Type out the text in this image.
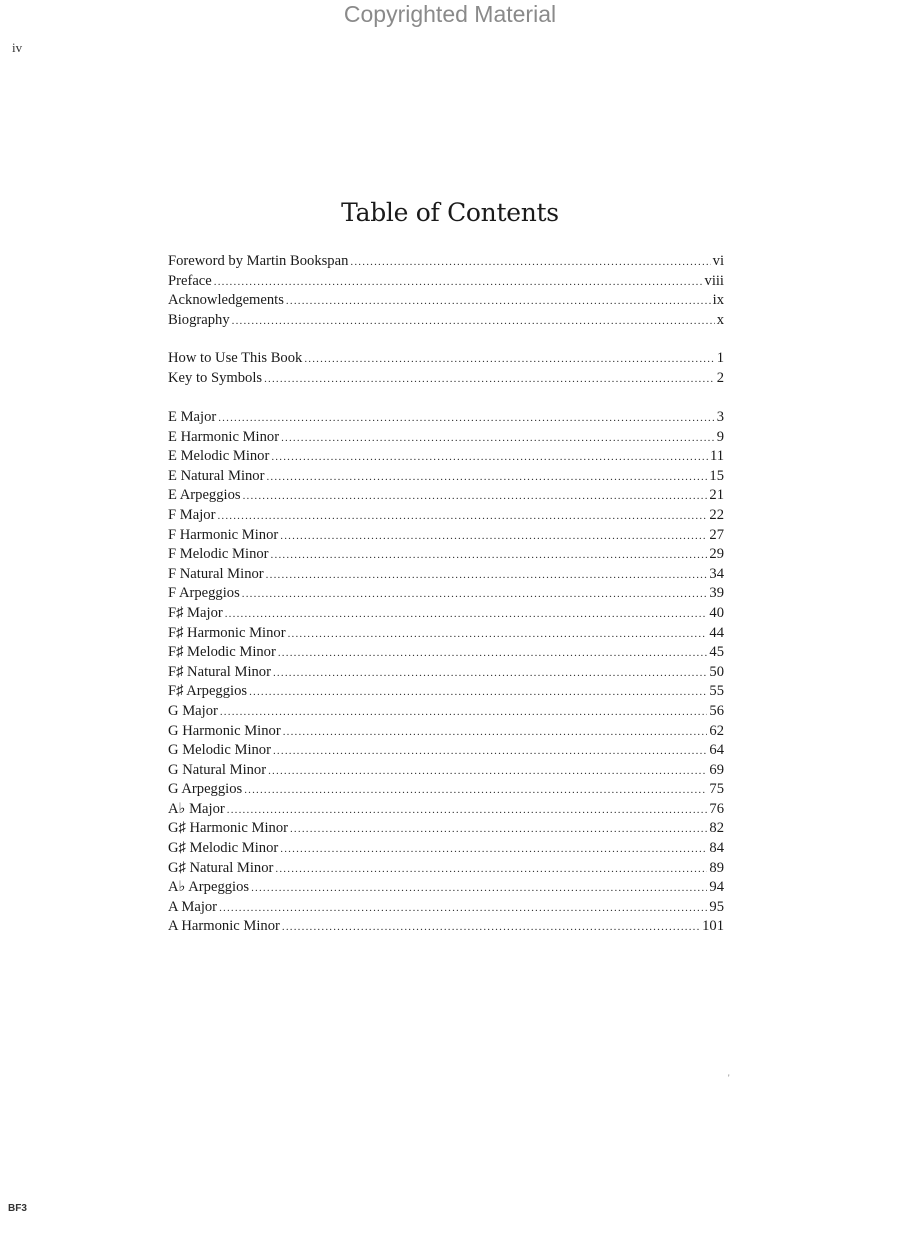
Copyrighted Material
iv
Table of Contents
Foreword by Martin Bookspan .....	vi
Preface .....	viii
Acknowledgements .....	ix
Biography .....	x
How to Use This Book .....	1
Key to Symbols .....	2
E Major .....	3
E Harmonic Minor .....	9
E Melodic Minor .....	11
E Natural Minor .....	15
E Arpeggios .....	21
F Major .....	22
F Harmonic Minor .....	27
F Melodic Minor .....	29
F Natural Minor .....	34
F Arpeggios .....	39
F♯ Major .....	40
F♯ Harmonic Minor .....	44
F♯ Melodic Minor .....	45
F♯ Natural Minor .....	50
F♯ Arpeggios .....	55
G Major .....	56
G Harmonic Minor .....	62
G Melodic Minor .....	64
G Natural Minor .....	69
G Arpeggios .....	75
A♭ Major .....	76
G♯ Harmonic Minor .....	82
G♯ Melodic Minor .....	84
G♯ Natural Minor .....	89
A♭ Arpeggios .....	94
A Major .....	95
A Harmonic Minor .....	101
'
BF3
